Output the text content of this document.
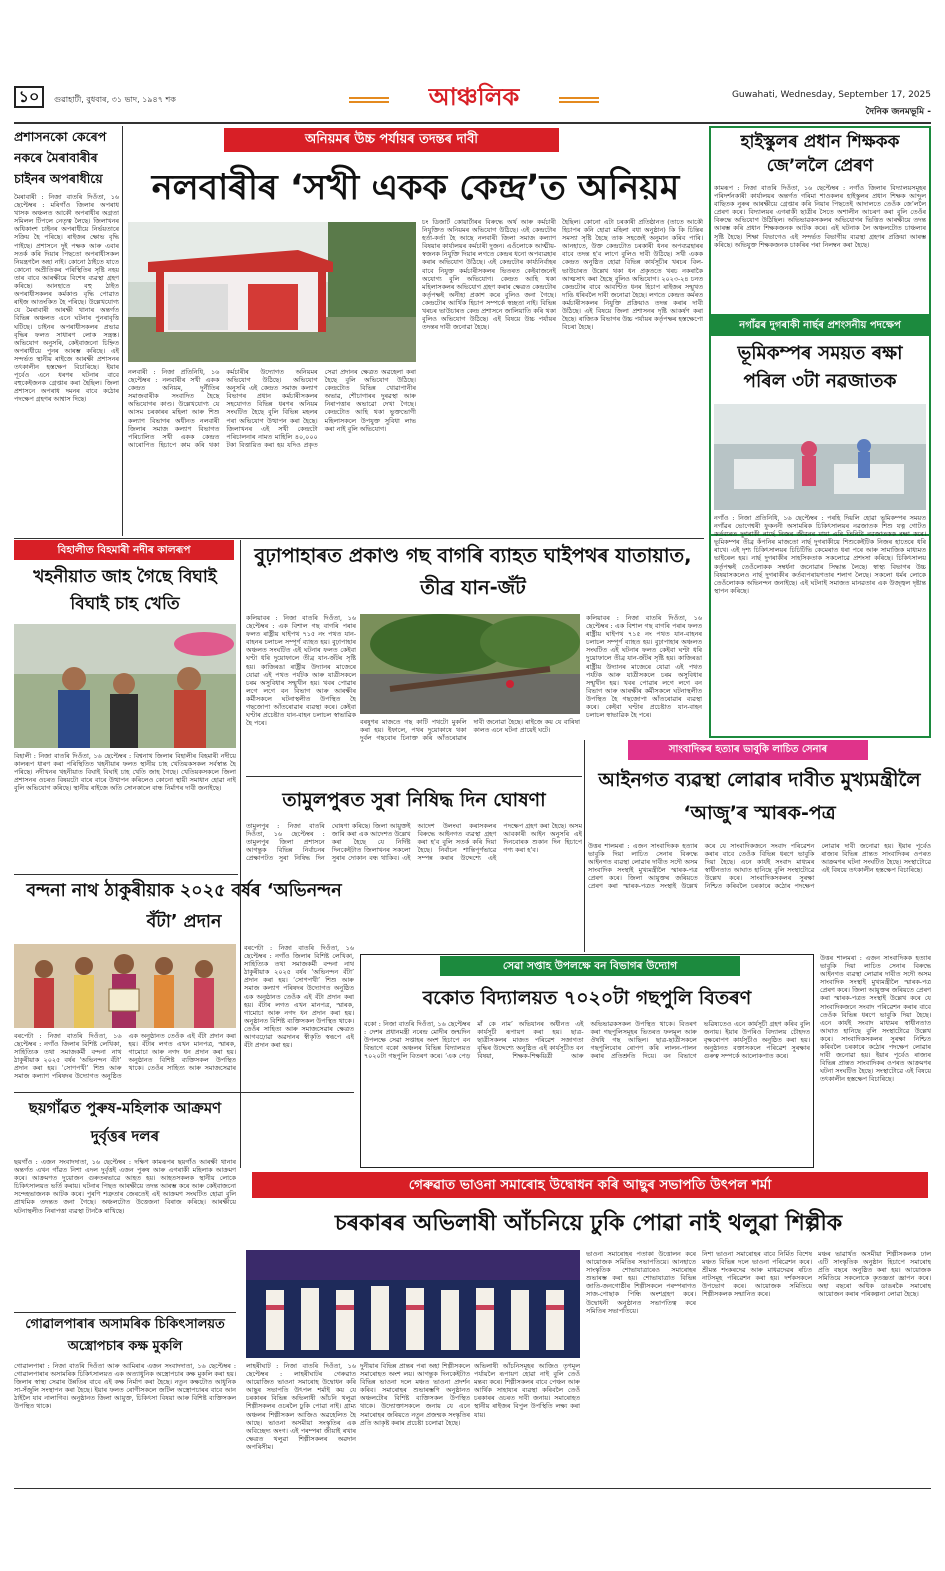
১০	গুৱাহাটী, বুধবাৰ, ৩১ ভাদ, ১৯৪৭ শক	আঞ্চলিক	Guwahati, Wednesday, September 17, 2025
দৈনিক জনমভূমি -
প্ৰশাসনকো কেৰেপ নকৰে মৈৰাবাৰীৰ চাইনৰ অপৰাধীয়ে
মৈৰাবাৰী : নিজা বাতৰি দিওঁতা, ১৬ ছেপ্টেম্বৰ : মৰিগাঁও জিলাৰ অপৰাধ খাসক অঞ্চলত আকৌ অপৰাধীৰ অগ্ৰতা সমিলল টিপলে নেতৃত্ব লৈছে। জিলাখনৰ অধিকাংশ চাইনৰ অপৰাধীয়ে নিৰ্ভয়তাৰে সক্ৰিয় হৈ পৰিছে। ৰাইজৰ ক্ষোভ বৃদ্ধি পাইছে। প্ৰশাসনে দুই পক্ষক আৰু এবাৰ সতৰ্ক কৰি দিয়াৰ পিছতো অপৰাধীসকল নিয়ন্ত্ৰণলৈ অহা নাই। কোনো ঠাইতে যাতে কোনো অপ্ৰীতিকৰ পৰিস্থিতিৰ সৃষ্টি নহয় তাৰ বাবে আৰক্ষীয়ে বিশেষ ব্যৱস্থা গ্ৰহণ কৰিছে। আনহাতে বহু ঠাইত অপৰাধীসকলৰ কৰ্মকাণ্ড বৃদ্ধি পোৱাত ৰাইজ আতংকিত হৈ পৰিছে। উল্লেখযোগ্য যে মৈৰাবাৰী আৰক্ষী থানাৰ অন্তৰ্গত বিভিন্ন অঞ্চলত এনে ঘটনাৰ পুনৰাবৃত্তি ঘটিছে। চাইনৰ অপৰাধীসকলৰ প্ৰভাৱ বৃদ্ধিৰ ফলত সাধাৰণ লোক সন্ত্ৰস্ত। অভিযোগ অনুসৰি, কেইবাজনো চিহ্নিত অপৰাধীয়ে পুনৰ আৰম্ভ কৰিছে। এই সন্দৰ্ভত স্থানীয় ৰাইজে আৰক্ষী প্ৰশাসনৰ তৎকালীন হস্তক্ষেপ বিচাৰিছে। ইয়াৰ পূৰ্বেও এনে ধৰণৰ ঘটনাৰ বাবে বহুকেইজনক গ্ৰেপ্তাৰ কৰা হৈছিল। জিলা প্ৰশাসনে অপৰাধ দমনৰ বাবে কঠোৰ পদক্ষেপ গ্ৰহণৰ আশ্বাস দিছে।
অনিয়মৰ উচ্চ পৰ্যায়ৰ তদন্তৰ দাবী
নলবাৰীৰ ‘সখী একক কেন্দ্ৰ’ত অনিয়ম
নলবাৰী : নিজা প্ৰতিনিধি, ১৬ ছেপ্টেম্বৰ : নলবাৰীৰ সখী একক কেন্দ্ৰত অনিয়ম, দুৰ্নীতিৰ সমাজবাৰীক সংবাদিত হৈছে অভিযোগৰ কাণ্ড। উল্লেখযোগ্য যে আসম চৰকাৰৰ মহিলা আৰু শিশু কল্যাণ বিভাগৰ অধীনত নলবাৰী জিলাৰ সমাজ কল্যাণ বিভাগত পৰিচালিত সখী একক কেন্দ্ৰত আৰোপিত হিচাপে কাম কৰি থকা কৰ্মচাৰীৰ উদ্যোগত অনিয়মৰ অভিযোগ উঠিছে। অভিযোগ অনুসৰি এই কেন্দ্ৰত সমাজ কল্যাণ বিভাগৰ প্ৰধান কৰ্মচাৰীসকলৰ সহযোগত বিভিন্ন ধৰণৰ অনিয়ম সংঘটিত হৈছে বুলি বিভিন্ন মহলৰ পৰা অভিযোগ উত্থাপন কৰা হৈছে। জিলাখনৰ এই সখী কেন্দ্ৰটো পৰিচালনাৰ নামত মাহিলি ৪০,০০০ টকা বিত্তায়িত কৰা হয় যদিও প্ৰকৃত সেৱা প্ৰদানৰ ক্ষেত্ৰত অৱহেলা কৰা হৈছে বুলি অভিযোগ উঠিছে। কেন্দ্ৰটোত বিভিন্ন খোৱাপানীৰ অভাৱ, শৌচাগাৰৰ দুৰৱস্থা আৰু নিৰাপত্তাৰ অভাৱো দেখা গৈছে। কেন্দ্ৰটোত আহি থকা ভুক্তভোগী মহিলাসকলে উপযুক্ত সুবিধা লাভ কৰা নাই বুলি অভিযোগ।
চং ডিজাৰ্ট কোয়াৰ্টাৰৰ বিৰুদ্ধে অৰ্থ আৰু কৰ্মচাৰী নিযুক্তিত অনিয়মৰ অভিযোগ উঠিছে। এই কেন্দ্ৰটোৰ হৰ্তা-কৰ্তা হৈ আছে নলবাৰী জিলা সমাজ কল্যাণ বিষয়াৰ কাৰ্যালয়ৰ কৰ্মচাৰী দুজন। এওঁলোকে আত্মীয়-স্বজনক নিযুক্তি দিয়াৰ লগতে কেন্দ্ৰৰ ধনো অপব্যৱহাৰ কৰাৰ অভিযোগ উঠিছে। এই কেন্দ্ৰটোৰ কাৰ্য্যনিৰ্বাহৰ বাবে নিযুক্ত কৰ্মচাৰীসকলৰ ভিতৰত কেইবাজনেই অযোগ্য বুলি অভিযোগ। কেন্দ্ৰত আহি থকা মহিলাসকলৰ অভিযোগ গ্ৰহণ কৰাৰ ক্ষেত্ৰত কেন্দ্ৰটোৰ কৰ্তৃপক্ষই অনীহা প্ৰকাশ কৰে বুলিও জনা গৈছে। কেন্দ্ৰটোৰ আৰ্থিক হিচাপ সম্পৰ্কে স্বচ্ছতা নাই। বিভিন্ন খৰচৰ ভাউচাৰত কেন্দ্ৰ প্ৰশাসনে জালিয়াতি কৰি থকা বুলিও অভিযোগ উঠিছে। এই বিষয়ে উচ্চ পৰ্যায়ৰ তদন্তৰ দাবী জনোৱা হৈছে।
হৈছিল। কোনো এটা চৰকাৰী প্ৰতিষ্ঠানত (তাতে আকৌ হিচাপৰ কনি হোৱা মহিলা বধা অনুষ্ঠান) কি কি চিন্তিৰ সমস্যা সৃষ্টি হৈছে তাক সহজেই অনুমান কৰিব পাৰি। আনহাতে, উক্ত কেন্দ্ৰটোত চৰকাৰী ধনৰ অপব্যৱহাৰৰ বাবে তদন্ত হ'ব লাগে বুলিও দাবী উঠিছে। সখী একক কেন্দ্ৰত অনুষ্ঠিত হোৱা বিভিন্ন কাৰ্যসূচীৰ খৰচৰ বিল-ভাউচাৰত উল্লেখ থকা ধন প্ৰকৃততে খৰচ নকৰাকৈ আত্মসাৎ কৰা হৈছে বুলিও অভিযোগ। ২০২৩-২৪ চনত কেন্দ্ৰটোৰ বাবে আবণ্টিত ধনৰ হিচাপ ৰাইজৰ সন্মুখত দাঙি ধৰিবলৈ দাবী জনোৱা হৈছে। লগতে কেন্দ্ৰত কৰ্মৰত কৰ্মচাৰীসকলৰ নিযুক্তি প্ৰক্ৰিয়াও তদন্ত কৰাৰ দাবী উঠিছে। এই বিষয়ে জিলা প্ৰশাসনৰ দৃষ্টি আকৰ্ষণ কৰা হৈছে। ৰাজ্যিক বিভাগৰ উচ্চ পৰ্যায়ৰ কৰ্তৃপক্ষৰ হস্তক্ষেপো বিচৰা হৈছে।
হাইস্কুলৰ প্ৰধান শিক্ষকক জে’ললৈ প্ৰেৰণ
কামৰূপ : নিজা বাতৰি দিওঁতা, ১৬ ছেপ্টেম্বৰ : নগাঁও জিলাৰ বিদ্যালয়সমূহৰ পৰিদৰ্শনকাৰী কাৰ্যালয়ৰ অন্তৰ্গত গৰিমা শাওকলৰ হাইস্কুলৰ প্ৰধান শিক্ষক আব্দুল বাছিতক নুৰুৰ আৰক্ষীয়ে গ্ৰেপ্তাৰ কৰি নিয়াৰ পিছতেই আদালতে তেওঁক জে’ললৈ প্ৰেৰণ কৰে। বিদ্যালয়ৰ এগৰাকী ছাত্ৰীৰ সৈতে অশালীন আচৰণ কৰা বুলি তেওঁৰ বিৰুদ্ধে অভিযোগ উঠিছিল। অভিভাৱকসকলৰ অভিযোগৰ ভিত্তিত আৰক্ষীয়ে তদন্ত আৰম্ভ কৰি প্ৰধান শিক্ষকজনক আটক কৰে। এই ঘটনাক লৈ অঞ্চলটোত চাঞ্চল্যৰ সৃষ্টি হৈছে। শিক্ষা বিভাগেও এই সন্দৰ্ভত বিভাগীয় ব্যৱস্থা গ্ৰহণৰ প্ৰক্ৰিয়া আৰম্ভ কৰিছে। অভিযুক্ত শিক্ষকজনক চাকৰিৰ পৰা নিলম্বন কৰা হৈছে।
নগাঁৱৰ দুগৰাকী নাৰ্ছৰ প্ৰশংসনীয় পদক্ষেপ
ভূমিকম্পৰ সময়ত ৰক্ষা পৰিল ৩টা নৱজাতক
নগাঁও : নিজা প্ৰতিনিধি, ১৬ ছেপ্টেম্বৰ : পৰহি দিয়লি হোৱা ভূমিকম্পৰ সময়ত নগাঁৱৰ ভোগেশ্বৰী ফুকননী অসামৰিক চিকিৎসালয়ৰ নৱজাতক শিশু যত্ন গোটত কৰ্তব্যৰত দুগৰাকী নাৰ্ছে নিজৰ জীৱনৰ মায়া এৰি তিনিটা নৱজাতকক ৰক্ষা কৰে। ভূমিকম্পৰ তীব্ৰ কঁপনিৰ মাজতো নাৰ্ছ দুগৰাকীয়ে শিশুকেইটিক নিজৰ হাতেৰে ধৰি ৰাখে। এই দৃশ্য চিকিৎসালয়ৰ চিচিটিভি কেমেৰাত ধৰা পৰে আৰু সামাজিক মাধ্যমত ভাইৰেল হয়। নাৰ্ছ দুগৰাকীৰ সাহসিকতাক সকলোৱে প্ৰশংসা কৰিছে। চিকিৎসালয় কৰ্তৃপক্ষই তেওঁলোকক সম্বৰ্ধনা জনোৱাৰ সিদ্ধান্ত লৈছে। স্বাস্থ্য বিভাগৰ উচ্চ বিষয়াসকলেও নাৰ্ছ দুগৰাকীৰ কৰ্তব্যপৰায়ণতাৰ শলাগ লৈছে। সকলো ধৰ্মৰ লোকে তেওঁলোকক অভিনন্দন জনাইছে। এই ঘটনাই সমাজত মানৱতাৰ এক উজ্জ্বল দৃষ্টান্ত স্থাপন কৰিছে।
বিহালীত বিহমাৰী নদীৰ কালৰূপ
খহনীয়াত জাহ গৈছে বিঘাই বিঘাই চাহ খেতি
বিহালী : নিজা বাতৰি দিওঁতা, ১৬ ছেপ্টেম্বৰ : বিশ্বনাথ জিলাৰ বিহালীৰ বিহমাৰী নদীয়ে কালৰূপ ধাৰণ কৰা পৰিস্থিতিত খহনীয়াৰ ফলত স্থানীয় চাহ খেতিয়কসকল সৰ্বস্বান্ত হৈ পৰিছে। নদীখনৰ খহনীয়াত বিঘাই বিঘাই চাহ খেতি জাহ গৈছে। খেতিয়কসকলে জিলা প্ৰশাসনৰ ওচৰত বিষয়টো বাৰে বাৰে উত্থাপন কৰিলেও কোনো স্থায়ী সমাধান হোৱা নাই বুলি অভিযোগ কৰিছে। স্থানীয় ৰাইজে অতি সোনকালে বান্ধ নিৰ্মাণৰ দাবী জনাইছে।
বুঢ়াপাহাৰত প্ৰকাণ্ড গছ বাগৰি ব্যাহত ঘাইপথৰ যাতায়াত, তীব্ৰ যান-জঁট
কলিয়াবৰ : নিজা বাতৰি দিওঁতা, ১৬ ছেপ্টেম্বৰ : এক বিশাল গছ বাগৰি পৰাৰ ফলত ৰাষ্ট্ৰীয় ঘাইপথ ৭১৫ নং পথত যান-বাহনৰ চলাচল সম্পূৰ্ণ ব্যাহত হয়। বুঢ়াপাহাৰ অঞ্চলত সংঘটিত এই ঘটনাৰ ফলত কেইবা ঘণ্টা ধৰি দুয়োফালে তীব্ৰ যান-জঁটৰ সৃষ্টি হয়। কাজিৰঙা ৰাষ্ট্ৰীয় উদ্যানৰ মাজেৰে যোৱা এই পথত পৰ্যটক আৰু যাত্ৰীসকলে চৰম অসুবিধাৰ সন্মুখীন হয়। খবৰ পোৱাৰ লগে লগে বন বিভাগ আৰু আৰক্ষীৰ কৰ্মীসকলে ঘটনাস্থলীত উপস্থিত হৈ গছজোপা আঁতৰোৱাৰ ব্যৱস্থা কৰে। কেইবা ঘণ্টাৰ প্ৰচেষ্টাত যান-বাহন চলাচল স্বাভাৱিক হৈ পৰে।	বৰষুণৰ মাজতে গছ কাটি পথটো মুকলি কৰা হয়। ইফালে, পথৰ দুয়োকাষে থকা দুৰ্বল গছবোৰ চিনাক্ত কৰি আঁতৰোৱাৰ দাবী জনোৱা হৈছে। ৰাইজে কয় যে বাৰিষা কালত এনে ঘটনা প্ৰায়েই ঘটে।
কলিয়াবৰ : নিজা বাতৰি দিওঁতা, ১৬ ছেপ্টেম্বৰ : এক বিশাল গছ বাগৰি পৰাৰ ফলত ৰাষ্ট্ৰীয় ঘাইপথ ৭১৫ নং পথত যান-বাহনৰ চলাচল সম্পূৰ্ণ ব্যাহত হয়। বুঢ়াপাহাৰ অঞ্চলত সংঘটিত এই ঘটনাৰ ফলত কেইবা ঘণ্টা ধৰি দুয়োফালে তীব্ৰ যান-জঁটৰ সৃষ্টি হয়। কাজিৰঙা ৰাষ্ট্ৰীয় উদ্যানৰ মাজেৰে যোৱা এই পথত পৰ্যটক আৰু যাত্ৰীসকলে চৰম অসুবিধাৰ সন্মুখীন হয়। খবৰ পোৱাৰ লগে লগে বন বিভাগ আৰু আৰক্ষীৰ কৰ্মীসকলে ঘটনাস্থলীত উপস্থিত হৈ গছজোপা আঁতৰোৱাৰ ব্যৱস্থা কৰে। কেইবা ঘণ্টাৰ প্ৰচেষ্টাত যান-বাহন চলাচল স্বাভাৱিক হৈ পৰে।
সাংবাদিকৰ হত্যাৰ ভাবুকি লাচিত সেনাৰ
আইনগত ব্যৱস্থা লোৱাৰ দাবীত মুখ্যমন্ত্ৰীলৈ ‘আজু’ৰ স্মাৰক-পত্ৰ
উত্তৰ শালমৰা : এজন সাংবাদিকক হত্যাৰ ভাবুকি দিয়া লাচিত সেনাৰ বিৰুদ্ধে আইনগত ব্যৱস্থা লোৱাৰ দাবীত সদৌ অসম সাংবাদিক সংস্থাই মুখ্যমন্ত্ৰীলৈ স্মাৰক-পত্ৰ প্ৰেৰণ কৰে। জিলা আয়ুক্তৰ জৰিয়তে প্ৰেৰণ কৰা স্মাৰক-পত্ৰত সংস্থাই উল্লেখ কৰে যে সাংবাদিকজনে সংবাদ পৰিৱেশন কৰাৰ বাবে তেওঁক বিভিন্ন ধৰণে ভাবুকি দিয়া হৈছে। এনে কাৰ্যই সংবাদ মাধ্যমৰ স্বাধীনতাত আঘাত হানিছে বুলি সংস্থাটোৱে উল্লেখ কৰে। সাংবাদিকসকলৰ সুৰক্ষা নিশ্চিত কৰিবলৈ চৰকাৰে কঠোৰ পদক্ষেপ লোৱাৰ দাবী জনোৱা হয়। ইয়াৰ পূৰ্বেও ৰাজ্যৰ বিভিন্ন প্ৰান্তত সাংবাদিকৰ ওপৰত আক্ৰমণৰ ঘটনা সংঘটিত হৈছে। সংস্থাটোৱে এই বিষয়ে তৎকালীন হস্তক্ষেপ বিচাৰিছে।
তামুলপুৰত সুৰা নিষিদ্ধ দিন ঘোষণা
তামুলপুৰ : নিজা বাতৰি দিওঁতা, ১৬ ছেপ্টেম্বৰ : তামুলপুৰ জিলা প্ৰশাসনে আগন্তুক বিভিন্ন নিৰ্বাচনৰ প্ৰেক্ষাপটত সুৰা নিষিদ্ধ দিন ঘোষণা কৰিছে। জিলা আয়ুক্তই জাৰি কৰা এক আদেশত উল্লেখ কৰা হৈছে যে নিৰ্দিষ্ট দিনকেইটাত জিলাখনৰ সকলো সুৰাৰ দোকান বন্ধ থাকিব। এই আদেশ উলংঘা কৰাসকলৰ বিৰুদ্ধে আইনগত ব্যৱস্থা গ্ৰহণ কৰা হ'ব বুলি সতৰ্ক কৰি দিয়া হৈছে। নিৰ্বাচন শান্তিপূৰ্ণভাৱে সম্পন্ন কৰাৰ উদ্দেশ্যে এই পদক্ষেপ গ্ৰহণ কৰা হৈছে। অসম আবকাৰী আইন অনুসৰি এই দিনবোৰক শুকান দিন হিচাপে গণ্য কৰা হ'ব।
বন্দনা নাথ ঠাকুৰীয়াক ২০২৫ বৰ্ষৰ ‘অভিনন্দন বঁটা’ প্ৰদান
বৰপেটা : নিজা বাতৰি দিওঁতা, ১৬ ছেপ্টেম্বৰ : নগাঁও জিলাৰ বিশিষ্ট লেখিকা, সাহিত্যিক তথা সমাজকৰ্মী বন্দনা নাথ ঠাকুৰীয়াক ২০২৫ বৰ্ষৰ ‘অভিনন্দন বঁটা’ প্ৰদান কৰা হয়। ‘সোণপখী’ শিশু আৰু সমাজ কল্যাণ পৰিষদৰ উদ্যোগত অনুষ্ঠিত এক অনুষ্ঠানত তেওঁক এই বঁটা প্ৰদান কৰা হয়। বঁটাৰ লগত এখন মানপত্ৰ, স্মাৰক, গামোচা আৰু নগদ ধন প্ৰদান কৰা হয়। অনুষ্ঠানত বিশিষ্ট ব্যক্তিসকল উপস্থিত থাকে। তেওঁৰ সাহিত্য আৰু সমাজসেৱাৰ
বৰপেটা : নিজা বাতৰি দিওঁতা, ১৬ ছেপ্টেম্বৰ : নগাঁও জিলাৰ বিশিষ্ট লেখিকা, সাহিত্যিক তথা সমাজকৰ্মী বন্দনা নাথ ঠাকুৰীয়াক ২০২৫ বৰ্ষৰ ‘অভিনন্দন বঁটা’ প্ৰদান কৰা হয়। ‘সোণপখী’ শিশু আৰু সমাজ কল্যাণ পৰিষদৰ উদ্যোগত অনুষ্ঠিত এক অনুষ্ঠানত তেওঁক এই বঁটা প্ৰদান কৰা হয়। বঁটাৰ লগত এখন মানপত্ৰ, স্মাৰক, গামোচা আৰু নগদ ধন প্ৰদান কৰা হয়। অনুষ্ঠানত বিশিষ্ট ব্যক্তিসকল উপস্থিত থাকে। তেওঁৰ সাহিত্য আৰু সমাজসেৱাৰ ক্ষেত্ৰত আগবঢ়োৱা অৱদানৰ স্বীকৃতি স্বৰূপে এই বঁটা প্ৰদান কৰা হয়।
সেৱা সপ্তাহ উপলক্ষে বন বিভাগৰ উদ্যোগ
বকোত বিদ্যালয়ত ৭০২০টা গছপুলি বিতৰণ
বকো : নিজা বাতৰি দিওঁতা, ১৬ ছেপ্টেম্বৰ : দেশৰ প্ৰধানমন্ত্ৰী নৰেন্দ্ৰ মোদীৰ জন্মদিন উপলক্ষে সেৱা সপ্তাহৰ অংশ হিচাপে বন বিভাগে বকো অঞ্চলৰ বিভিন্ন বিদ্যালয়ত ৭০২০টা গছপুলি বিতৰণ কৰে। ‘এক পেড় মাঁ কে নাম’ অভিযানৰ অধীনত এই কাৰ্যসূচী ৰূপায়ণ কৰা হয়। ছাত্ৰ-ছাত্ৰীসকলৰ মাজত পৰিৱেশ সজাগতা বৃদ্ধিৰ উদ্দেশ্যে অনুষ্ঠিত এই কাৰ্যসূচীত বন বিষয়া, শিক্ষক-শিক্ষয়িত্ৰী আৰু অভিভাৱকসকল উপস্থিত থাকে। বিতৰণ কৰা গছপুলিসমূহৰ ভিতৰত ফলমূল আৰু ঔষধি গছ আছিল। ছাত্ৰ-ছাত্ৰীসকলে গছপুলিবোৰ ৰোপণ কৰি লালন-পালন কৰাৰ প্ৰতিশ্ৰুতি দিয়ে। বন বিভাগে ভৱিষ্যতেও এনে কাৰ্যসূচী গ্ৰহণ কৰিব বুলি জনায়। ইয়াৰ উপৰিও বিদ্যালয় চৌহদত বৃক্ষৰোপণ কাৰ্যসূচীও অনুষ্ঠিত কৰা হয়। অনুষ্ঠানত বক্তাসকলে পৰিৱেশ সুৰক্ষাৰ গুৰুত্ব সম্পৰ্কে আলোকপাত কৰে।
উত্তৰ শালমৰা : এজন সাংবাদিকক হত্যাৰ ভাবুকি দিয়া লাচিত সেনাৰ বিৰুদ্ধে আইনগত ব্যৱস্থা লোৱাৰ দাবীত সদৌ অসম সাংবাদিক সংস্থাই মুখ্যমন্ত্ৰীলৈ স্মাৰক-পত্ৰ প্ৰেৰণ কৰে। জিলা আয়ুক্তৰ জৰিয়তে প্ৰেৰণ কৰা স্মাৰক-পত্ৰত সংস্থাই উল্লেখ কৰে যে সাংবাদিকজনে সংবাদ পৰিৱেশন কৰাৰ বাবে তেওঁক বিভিন্ন ধৰণে ভাবুকি দিয়া হৈছে। এনে কাৰ্যই সংবাদ মাধ্যমৰ স্বাধীনতাত আঘাত হানিছে বুলি সংস্থাটোৱে উল্লেখ কৰে। সাংবাদিকসকলৰ সুৰক্ষা নিশ্চিত কৰিবলৈ চৰকাৰে কঠোৰ পদক্ষেপ লোৱাৰ দাবী জনোৱা হয়। ইয়াৰ পূৰ্বেও ৰাজ্যৰ বিভিন্ন প্ৰান্তত সাংবাদিকৰ ওপৰত আক্ৰমণৰ ঘটনা সংঘটিত হৈছে। সংস্থাটোৱে এই বিষয়ে তৎকালীন হস্তক্ষেপ বিচাৰিছে।
ছয়গাঁৱত পুৰুষ-মহিলাক আক্ৰমণ দুৰ্বৃত্তৰ দলৰ
ছয়গাঁও : এজন সংবাদদাতা, ১৬ ছেপ্টেম্বৰ : দক্ষিণ কামৰূপৰ ছয়গাঁও আৰক্ষী থানাৰ অন্তৰ্গত এখন গাঁৱত নিশা এদল দুৰ্বৃত্তই এজন পুৰুষ আৰু এগৰাকী মহিলাক আক্ৰমণ কৰে। আক্ৰমণত দুয়োজন গুৰুতৰভাৱে আহত হয়। আহতসকলক স্থানীয় লোকে চিকিৎসালয়ত ভৰ্তি কৰায়। ঘটনাৰ পিছত আৰক্ষীয়ে তদন্ত আৰম্ভ কৰে আৰু কেইবাজনো সন্দেহভাজনক আটক কৰে। পুৰণি শত্ৰুতাৰ জেৰতেই এই আক্ৰমণ সংঘটিত হোৱা বুলি প্ৰাথমিক তদন্তত জনা গৈছে। অঞ্চলটোত উত্তেজনা বিৰাজ কৰিছে। আৰক্ষীয়ে ঘটনাস্থলীত নিৰাপত্তা ব্যৱস্থা টানকৈ ৰাখিছে।
গোৱালপাৰাৰ অসামৰিক চিকিৎসালয়ত অস্ত্ৰোপচাৰ কক্ষ মুকলি
গোৱালপাৰা : নিজা বাতৰি দিওঁতা আৰু আমিৰাৰ এজন সংবাদদাতা, ১৬ ছেপ্টেম্বৰ : গোৱালপাৰাৰ অসামৰিক চিকিৎসালয়ত এক অত্যাধুনিক অস্ত্ৰোপচাৰ কক্ষ মুকলি কৰা হয়। জিলাৰ স্বাস্থ্য সেৱাৰ উন্নতিৰ বাবে এই কক্ষ নিৰ্মাণ কৰা হৈছে। নতুন কক্ষটোত আধুনিক সা-সঁজুলি সংস্থাপন কৰা হৈছে। ইয়াৰ ফলত ৰোগীসকলে জটিল অস্ত্ৰোপচাৰৰ বাবে আন ঠাইলৈ যাব নালাগিব। অনুষ্ঠানত জিলা আয়ুক্ত, চিকিৎসা বিষয়া আৰু বিশিষ্ট ব্যক্তিসকল উপস্থিত থাকে।
গেৰুৱাত ভাওনা সমাৰোহ উদ্বোধন কৰি আছুৰ সভাপতি উৎপল শৰ্মা
চৰকাৰৰ অভিলাষী আঁচনিয়ে ঢুকি পোৱা নাই থলুৱা শিল্পীক
লাহৰীঘাট : নিজা বাতৰি দিওঁতা, ১৬ ছেপ্টেম্বৰ : লাহৰীঘাটৰ গেৰুৱাত আয়োজিত ভাওনা সমাৰোহ উদ্বোধন কৰি আছুৰ সভাপতি উৎপল শৰ্মাই কয় যে চৰকাৰৰ বিভিন্ন অভিলাষী আঁচনি থলুৱা শিল্পীসকলৰ ওচৰলৈ ঢুকি পোৱা নাই। গ্ৰাম্য অঞ্চলৰ শিল্পীসকল আজিও অৱহেলিত হৈ আছে। ভাওনা অসমীয়া সংস্কৃতিৰ এক অবিচ্ছেদ্য অংগ। এই পৰম্পৰা জীয়াই ৰখাৰ ক্ষেত্ৰত থলুৱা শিল্পীসকলৰ অৱদান অপৰিসীম।
দুনীয়াৰ বিভিন্ন প্ৰান্তৰ পৰা অহা শিল্পীসকলে সমাৰোহত অংশ লয়। আগন্তুক দিনকেইটাত বিভিন্ন ভাওনা দলে মঞ্চত ভাওনা প্ৰদৰ্শন কৰিব। সমাৰোহৰ শুভাৰম্ভণি অনুষ্ঠানত অঞ্চলটোৰ বিশিষ্ট ব্যক্তিসকল উপস্থিত থাকে। উদ্যোক্তাসকলে জনায় যে এনে সমাৰোহৰ জৰিয়তে নতুন প্ৰজন্মক সংস্কৃতিৰ প্ৰতি আকৃষ্ট কৰাৰ প্ৰচেষ্টা চলোৱা হৈছে।
অভিলাষী আঁচনিসমূহৰ আজিও তৃণমূল পৰ্যায়লৈ ৰূপায়ণ হোৱা নাই বুলি তেওঁ মন্তব্য কৰে। শিল্পীসকলৰ বাবে পেঞ্চন আৰু আৰ্থিক সাহায্যৰ ব্যৱস্থা কৰিবলৈ তেওঁ চৰকাৰৰ ওচৰত দাবী জনায়। সমাৰোহত স্থানীয় ৰাইজৰ বিপুল উপস্থিতি লক্ষ্য কৰা যায়।
ভাওনা সমাৰোহৰ পতাকা উত্তোলন কৰে আয়োজক সমিতিৰ সভাপতিয়ে। আনহাতে সাংস্কৃতিক শোভাযাত্ৰাৰেও সমাৰোহৰ শুভাৰম্ভ কৰা হয়। শোভাযাত্ৰাত বিভিন্ন জাতি-জনগোষ্ঠীৰ শিল্পীসকলে পৰম্পৰাগত সাজ-পোছাক পিন্ধি অংশগ্ৰহণ কৰে। উদ্বোধনী অনুষ্ঠানত সভাপতিত্ব কৰে সমিতিৰ সভাপতিয়ে।
নিশা ভাওনা সমাৰোহৰ বাবে নিৰ্মিত বিশেষ মঞ্চত বিভিন্ন দলে ভাওনা পৰিৱেশন কৰে। শ্ৰীমন্ত শংকৰদেৱ আৰু মাধৱদেৱৰ ৰচিত নাটসমূহ পৰিৱেশন কৰা হয়। দৰ্শকসকলে উপভোগ কৰে। আয়োজক সমিতিয়ে শিল্পীসকলক সন্মানিত কৰে।
মঞ্চৰ ভাৱাৰ্থত অসমীয়া শিল্পীসকলক ঢাল এটি সাংস্কৃতিক অনুষ্ঠান হিচাপে সমাৰোহ প্ৰতি বছৰে অনুষ্ঠিত কৰা হয়। আয়োজক সমিতিয়ে সকলোকে কৃতজ্ঞতা জ্ঞাপন কৰে। অহা বছৰো অধিক ডাঙৰকৈ সমাৰোহ আয়োজন কৰাৰ পৰিকল্পনা লোৱা হৈছে।
